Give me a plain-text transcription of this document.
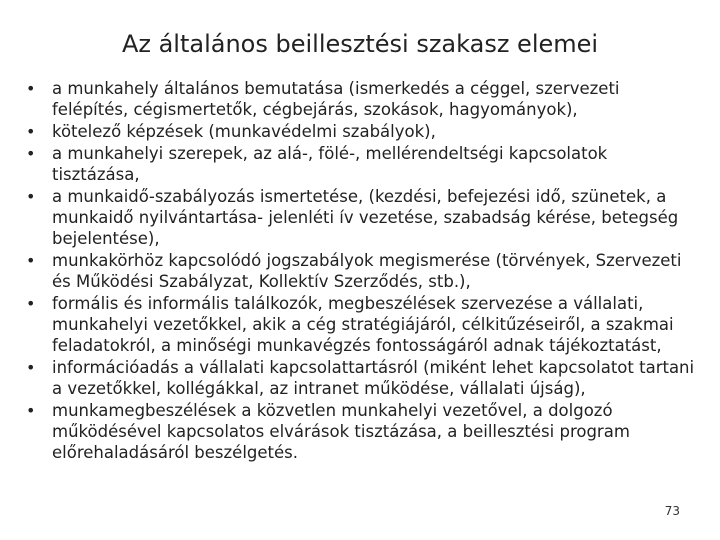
Az általános beillesztési szakasz elemei
• a munkahely általános bemutatása (ismerkedés a céggel, szervezeti felépítés, cégismertetők, cégbejárás, szokások, hagyományok),
• kötelező képzések (munkavédelmi szabályok),
• a munkahelyi szerepek, az alá-, fölé-, mellérendeltségi kapcsolatok tisztázása,
• a munkaidő-szabályozás ismertetése, (kezdési, befejezési idő, szünetek, a munkaidő nyilvántartása- jelenléti ív vezetése, szabadság kérése, betegség bejelentése),
• munkakörhöz kapcsolódó jogszabályok megismerése (törvények, Szervezeti és Működési Szabályzat, Kollektív Szerződés, stb.),
• formális és informális találkozók, megbeszélések szervezése a vállalati, munkahelyi vezetőkkel, akik a cég stratégiájáról, célkitűzéseiről, a szakmai feladatokról, a minőségi munkavégzés fontosságáról adnak tájékoztatást,
• információadás a vállalati kapcsolattartásról (miként lehet kapcsolatot tartani a vezetőkkel, kollégákkal, az intranet működése, vállalati újság),
• munkamegbeszélések a közvetlen munkahelyi vezetővel, a dolgozó működésével kapcsolatos elvárások tisztázása, a beillesztési program előrehaladásáról beszélgetés.
73
